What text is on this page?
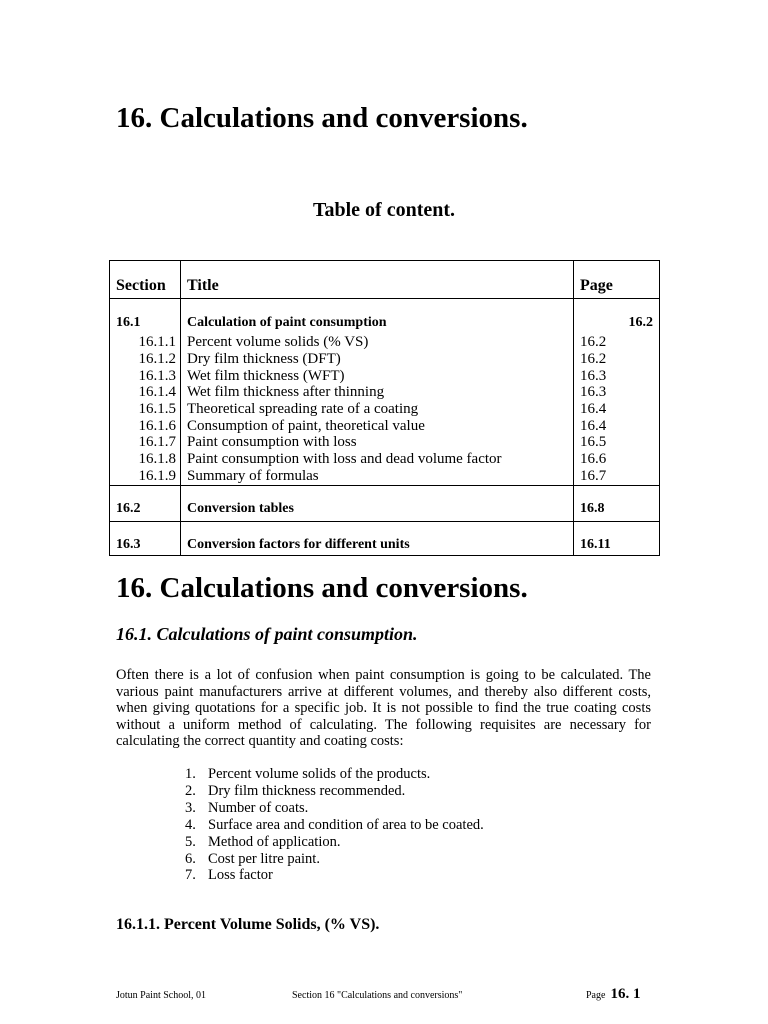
16. Calculations and conversions.
Table of content.
Section Title	Page
16.1	Calculation of paint consumption	16.2
16.1.1 Percent volume solids (% VS)	16.2
16.1.2 Dry film thickness (DFT)	16.2
16.1.3 Wet film thickness (WFT)	16.3
16.1.4 Wet film thickness after thinning	16.3
16.1.5 Theoretical spreading rate of a coating	16.4
16.1.6 Consumption of paint, theoretical value	16.4
16.1.7 Paint consumption with loss	16.5
16.1.8 Paint consumption with loss and dead volume factor	16.6
16.1.9 Summary of formulas	16.7
16.2	Conversion tables	16.8
16.3	Conversion factors for different units	16.11
16. Calculations and conversions.
16.1. Calculations of paint consumption.

Often there is a lot of confusion when paint consumption is going to be calculated. The various paint manufacturers arrive at different volumes, and thereby also different costs, when giving quotations for a specific job. It is not possible to find the true coating costs without a uniform method of calculating. The following requisites are necessary for calculating the correct quantity and coating costs:

1. Percent volume solids of the products.
2. Dry film thickness recommended.
3. Number of coats.
4. Surface area and condition of area to be coated.
5. Method of application.
6. Cost per litre paint.
7. Loss factor
16.1.1. Percent Volume Solids, (% VS).
Jotun Paint School, 01	Section 16 "Calculations and conversions"	Page 16. 1
